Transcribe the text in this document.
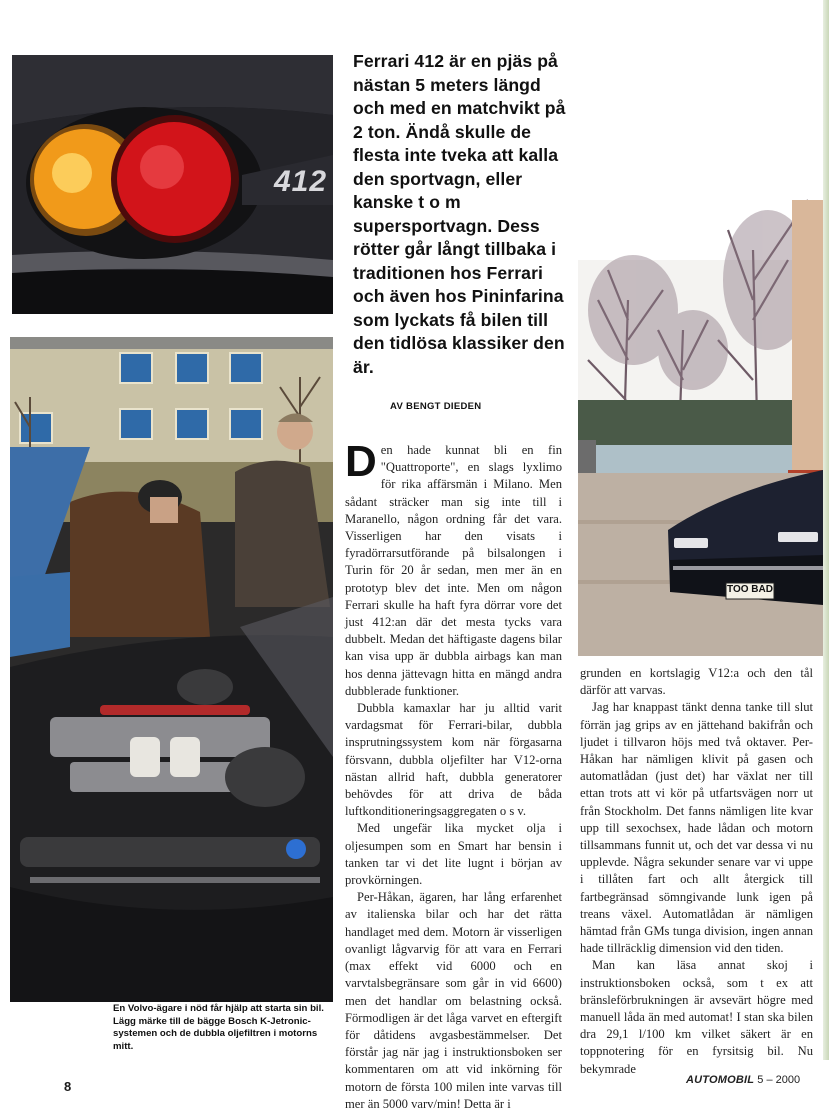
412
TOO BAD
Ferrari 412 är en pjäs på nästan 5 meters längd och med en matchvikt på 2 ton. Ändå skulle de flesta inte tveka att kalla den sportvagn, eller kanske t o m supersportvagn. Dess rötter går långt tillbaka i traditionen hos Ferrari och även hos Pininfarina som lyckats få bilen till den tidlösa klassiker den är.
AV BENGT DIEDEN

Den hade kunnat bli en fin "Quattroporte", en slags lyxlimo för rika affärsmän i Milano. Men sådant sträcker man sig inte till i Maranello, någon ordning får det vara. Visserligen har den visats i fyradörrarsutförande på bilsalongen i Turin för 20 år sedan, men mer än en prototyp blev det inte. Men om någon Ferrari skulle ha haft fyra dörrar vore det just 412:an där det mesta tycks vara dubbelt. Medan det häftigaste dagens bilar kan visa upp är dubbla airbags kan man hos denna jättevagn hitta en mängd andra dubblerade funktioner.

Dubbla kamaxlar har ju alltid varit vardagsmat för Ferrari-bilar, dubbla insprutningssystem kom när förgasarna försvann, dubbla oljefilter har V12-orna nästan allrid haft, dubbla generatorer behövdes för att driva de båda luftkonditioneringsaggregaten o s v.

Med ungefär lika mycket olja i oljesumpen som en Smart har bensin i tanken tar vi det lite lugnt i början av provkörningen.

Per-Håkan, ägaren, har lång erfarenhet av italienska bilar och har det rätta handlaget med dem. Motorn är visserligen ovanligt lågvarvig för att vara en Ferrari (max effekt vid 6000 och en varvtalsbegränsare som går in vid 6600) men det handlar om belastning också. Förmodligen är det låga varvet en eftergift för dåtidens avgasbestämmelser. Det förstår jag när jag i instruktionsboken ser kommentaren om att vid inkörning för motorn de första 100 milen inte varvas till mer än 5000 varv/min! Detta är i

grunden en kortslagig V12:a och den tål därför att varvas.

Jag har knappast tänkt denna tanke till slut förrän jag grips av en jättehand bakifrån och ljudet i tillvaron höjs med två oktaver. Per-Håkan har nämligen klivit på gasen och automatlådan (just det) har växlat ner till ettan trots att vi kör på utfartsvägen norr ut från Stockholm. Det fanns nämligen lite kvar upp till sexochsex, hade lådan och motorn tillsammans funnit ut, och det var dessa vi nu upplevde. Några sekunder senare var vi uppe i tillåten fart och allt återgick till fartbegränsad sömngivande lunk igen på treans växel. Automatlådan är nämligen hämtad från GMs tunga division, ingen annan hade tillräcklig dimension vid den tiden.

Man kan läsa annat skoj i instruktionsboken också, som t ex att bränsleförbrukningen är avsevärt högre med manuell låda än med automat! I stan ska bilen dra 29,1 l/100 km vilket säkert är en toppnotering för en fyrsitsig bil. Nu bekymrade

En Volvo-ägare i nöd får hjälp att starta sin bil. Lägg märke till de bägge Bosch K-Jetronic-systemen och de dubbla oljefiltren i motorns mitt.
8	AUTOMOBIL 5 – 2000
